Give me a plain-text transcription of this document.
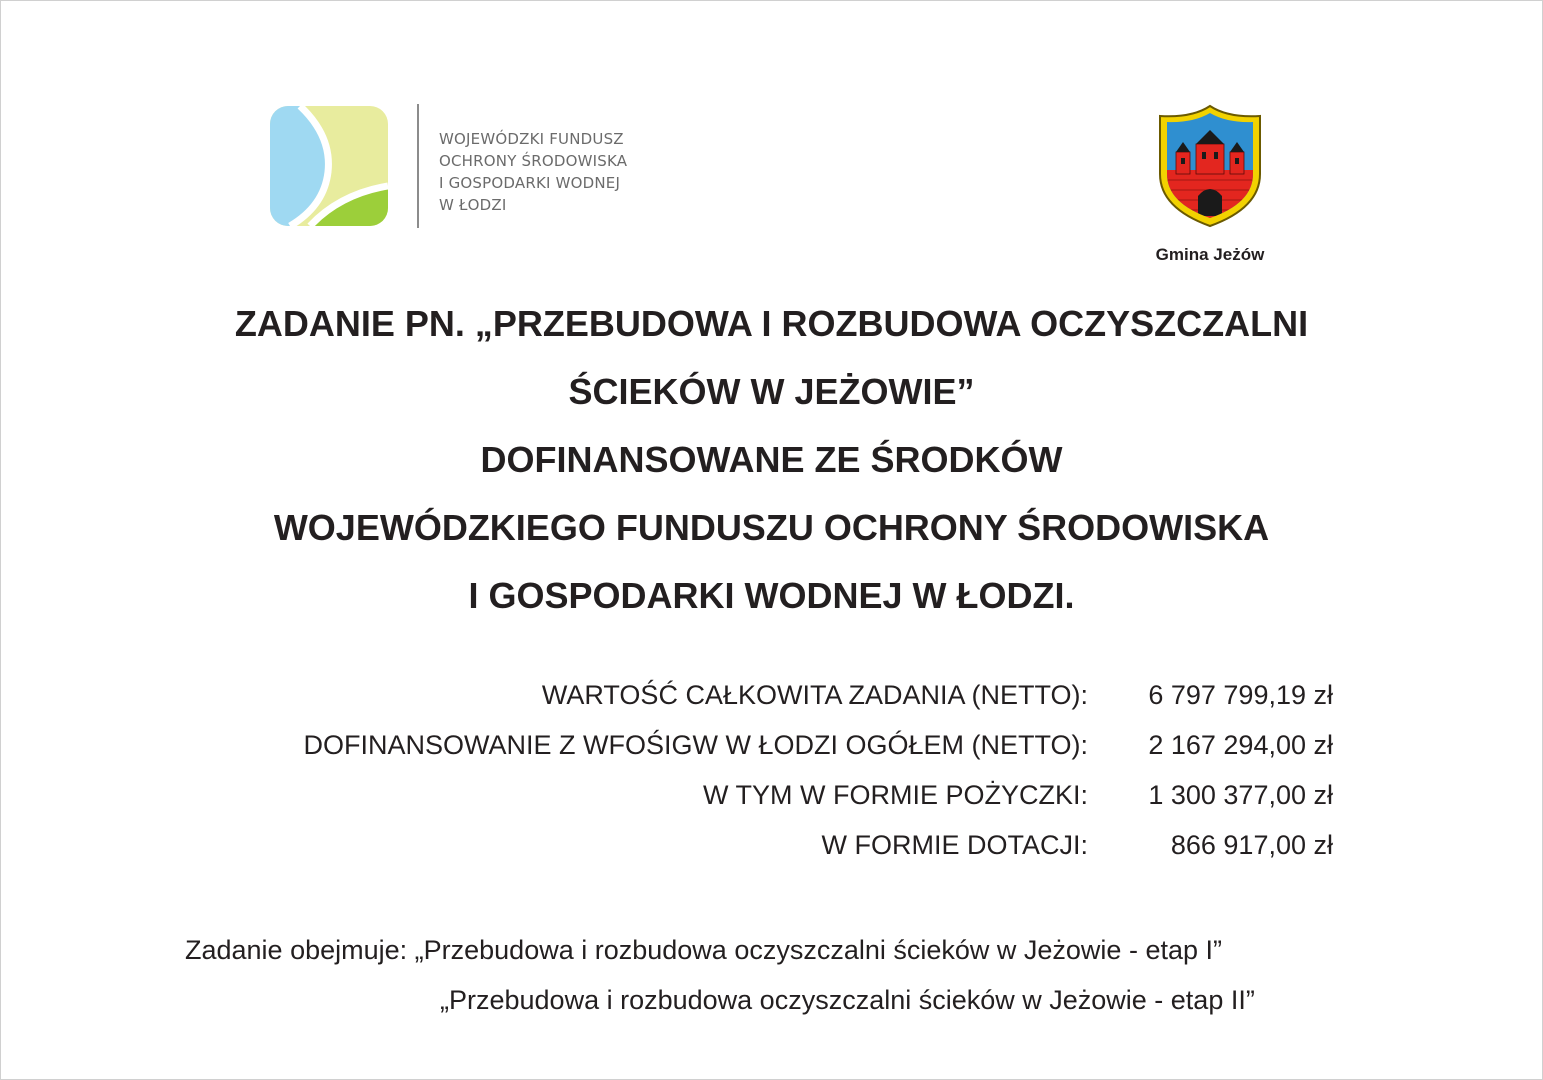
WOJEWÓDZKI FUNDUSZ
OCHRONY ŚRODOWISKA
I GOSPODARKI WODNEJ
W ŁODZI
Gmina Jeżów
ZADANIE PN. „PRZEBUDOWA I ROZBUDOWA OCZYSZCZALNI
ŚCIEKÓW W JEŻOWIE”
DOFINANSOWANE ZE ŚRODKÓW
WOJEWÓDZKIEGO FUNDUSZU OCHRONY ŚRODOWISKA
I GOSPODARKI WODNEJ W ŁODZI.
WARTOŚĆ CAŁKOWITA ZADANIA (NETTO): 6 797 799,19 zł
DOFINANSOWANIE Z WFOŚIGW W ŁODZI OGÓŁEM (NETTO): 2 167 294,00 zł
W TYM W FORMIE POŻYCZKI: 1 300 377,00 zł
W FORMIE DOTACJI:	866 917,00 zł
Zadanie obejmuje: „Przebudowa i rozbudowa oczyszczalni ścieków w Jeżowie - etap I”
„Przebudowa i rozbudowa oczyszczalni ścieków w Jeżowie - etap II”
